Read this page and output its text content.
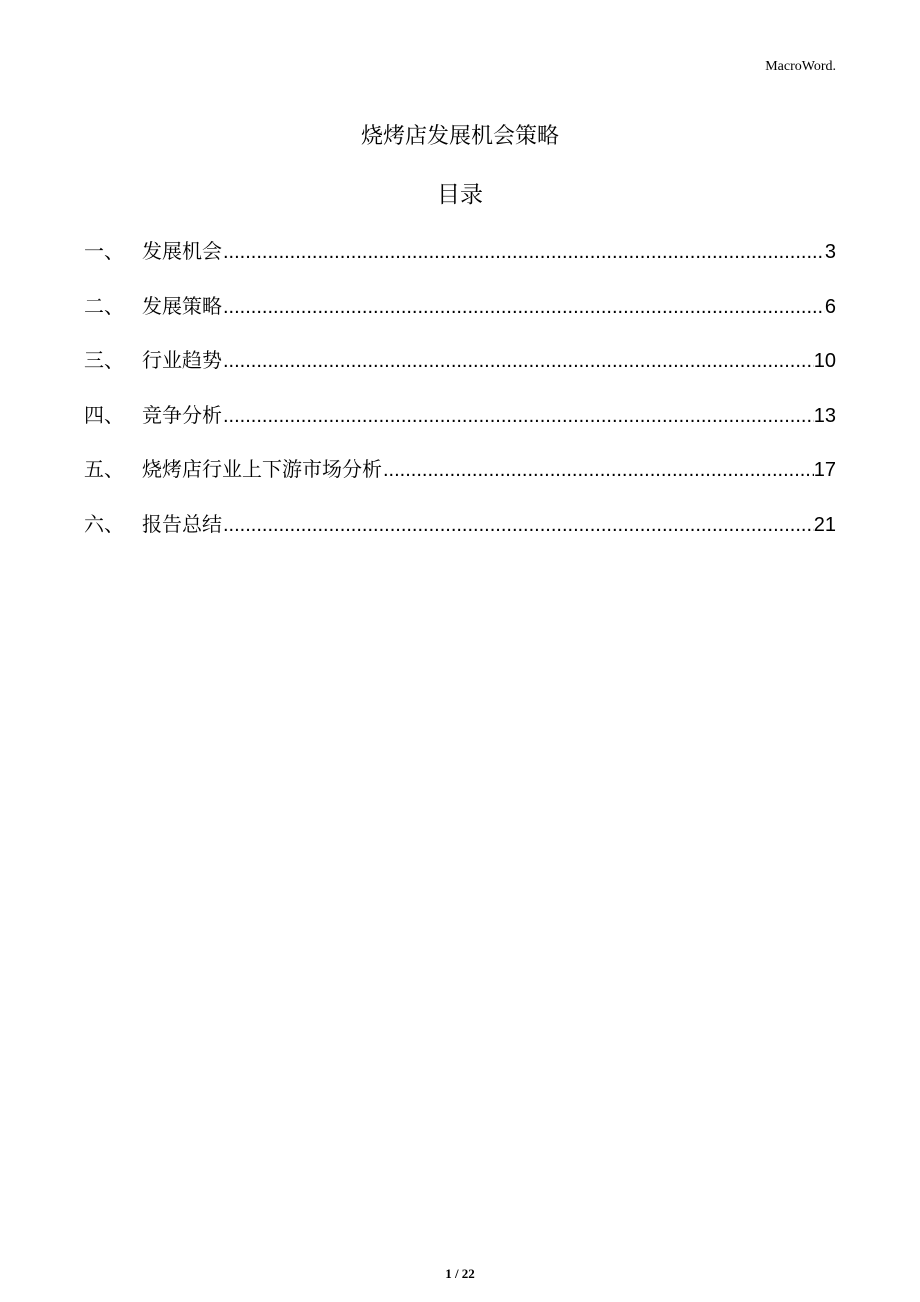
MacroWord.
烧烤店发展机会策略
目录
一、 发展机会 .....	3
二、 发展策略 .....	6
三、 行业趋势 .....	10
四、 竞争分析 .....	13
五、 烧烤店行业上下游市场分析 .....	17
六、 报告总结 .....	21
1 / 22
